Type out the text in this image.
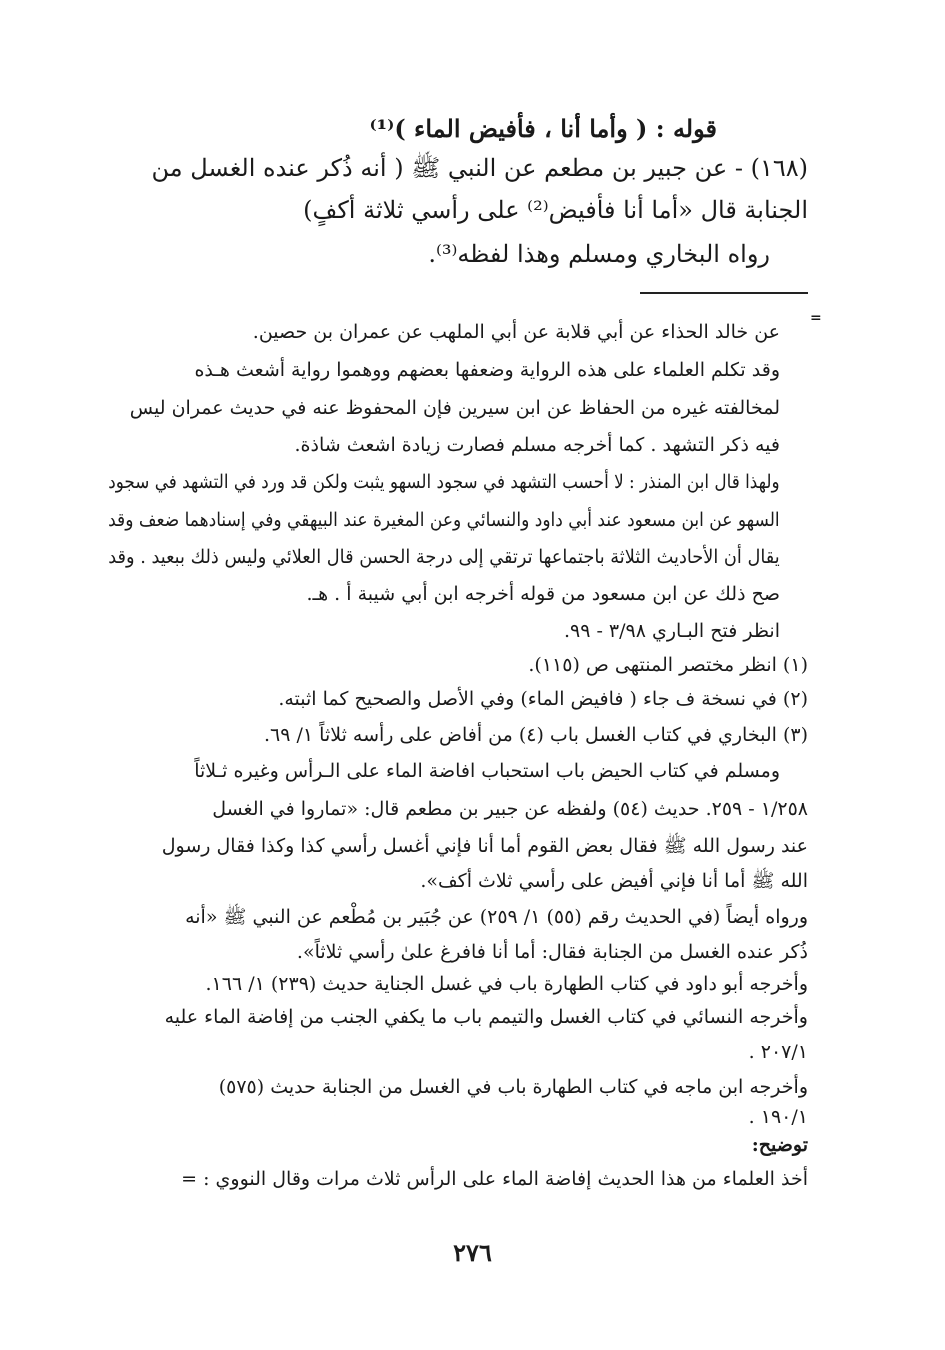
قوله : ( وأما أنا ، فأفيض الماء )⁽¹⁾
(١٦٨) - عن جبير بن مطعم عن النبي ﷺ ( أنه ذُكر عنده الغسل من
الجنابة قال «أما أنا فأفيض⁽²⁾ على رأسي ثلاثة أكفٍ)
رواه البخاري ومسلم وهذا لفظه⁽³⁾.
=
عن خالد الحذاء عن أبي قلابة عن أبي الملهب عن عمران بن حصين.
وقد تكلم العلماء على هذه الرواية وضعفها بعضهم ووهموا رواية أشعث هـذه
لمخالفته غيره من الحفاظ عن ابن سيرين فإن المحفوظ عنه في حديث عمران ليس
فيه ذكر التشهد . كما أخرجه مسلم فصارت زيادة اشعث شاذة.
ولهذا قال ابن المنذر : لا أحسب التشهد في سجود السهو يثبت ولكن قد ورد في التشهد في سجود
السهو عن ابن مسعود عند أبي داود والنسائي وعن المغيرة عند البيهقي وفي إسنادهما ضعف وقد
يقال أن الأحاديث الثلاثة باجتماعها ترتقي إلى درجة الحسن قال العلائي وليس ذلك ببعيد . وقد
صح ذلك عن ابن مسعود من قوله أخرجه ابن أبي شيبة أ . هـ.
انظر فتح البـاري ٣/٩٨ - ٩٩.
(١) انظر مختصر المنتهى ص (١١٥).
(٢) في نسخة ف جاء ( فافيض الماء) وفي الأصل والصحيح كما اثبته.
(٣) البخاري في كتاب الغسل باب (٤) من أفاض على رأسه ثلاثاً ١/ ٦٩.
ومسلم في كتاب الحيض باب استحباب افاضة الماء على الـرأس وغيره ثـلاثاً
١/٢٥٨ - ٢٥٩. حديث (٥٤) ولفظه عن جبير بن مطعم قال: «تماروا في الغسل
عند رسول الله ﷺ فقال بعض القوم أما أنا فإني أغسل رأسي كذا وكذا فقال رسول
الله ﷺ أما أنا فإني أفيض على رأسي ثلاث أكف».
ورواه أيضاً (في الحديث رقم (٥٥) ١/ ٢٥٩) عن جُبَير بن مُطْعم عن النبي ﷺ «أنه
ذُكر عنده الغسل من الجنابة فقال: أما أنا فافرغ علىٰ رأسي ثلاثاً».
وأخرجه أبو داود في كتاب الطهارة باب في غسل الجناية حديث (٢٣٩) ١/ ١٦٦.
وأخرجه النسائي في كتاب الغسل والتيمم باب ما يكفي الجنب من إفاضة الماء عليه
٢٠٧/١ .
وأخرجه ابن ماجه في كتاب الطهارة باب في الغسل من الجنابة حديث (٥٧٥)
١٩٠/١ .
توضيح:
أخذ العلماء من هذا الحديث إفاضة الماء على الرأس ثلاث مرات وقال النووي : =
٢٧٦
